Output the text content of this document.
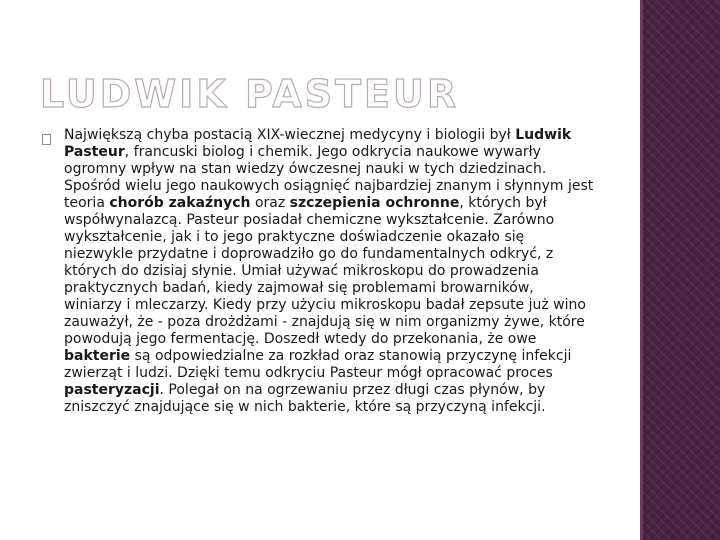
LUDWIK PASTEUR

Największą chyba postacią XIX-wiecznej medycyny i biologii był Ludwik Pasteur, francuski biolog i chemik. Jego odkrycia naukowe wywarły ogromny wpływ na stan wiedzy ówczesnej nauki w tych dziedzinach. Spośród wielu jego naukowych osiągnięć najbardziej znanym i słynnym jest teoria chorób zakaźnych oraz szczepienia ochronne, których był współwynalazcą. Pasteur posiadał chemiczne wykształcenie. Zarówno wykształcenie, jak i to jego praktyczne doświadczenie okazało się niezwykle przydatne i doprowadziło go do fundamentalnych odkryć, z których do dzisiaj słynie. Umiał używać mikroskopu do prowadzenia praktycznych badań, kiedy zajmował się problemami browarników, winiarzy i mleczarzy. Kiedy przy użyciu mikroskopu badał zepsute już wino zauważył, że - poza drożdżami - znajdują się w nim organizmy żywe, które powodują jego fermentację. Doszedł wtedy do przekonania, że owe bakterie są odpowiedzialne za rozkład oraz stanowią przyczynę infekcji zwierząt i ludzi. Dzięki temu odkryciu Pasteur mógł opracować proces pasteryzacji. Polegał on na ogrzewaniu przez długi czas płynów, by zniszczyć znajdujące się w nich bakterie, które są przyczyną infekcji.
